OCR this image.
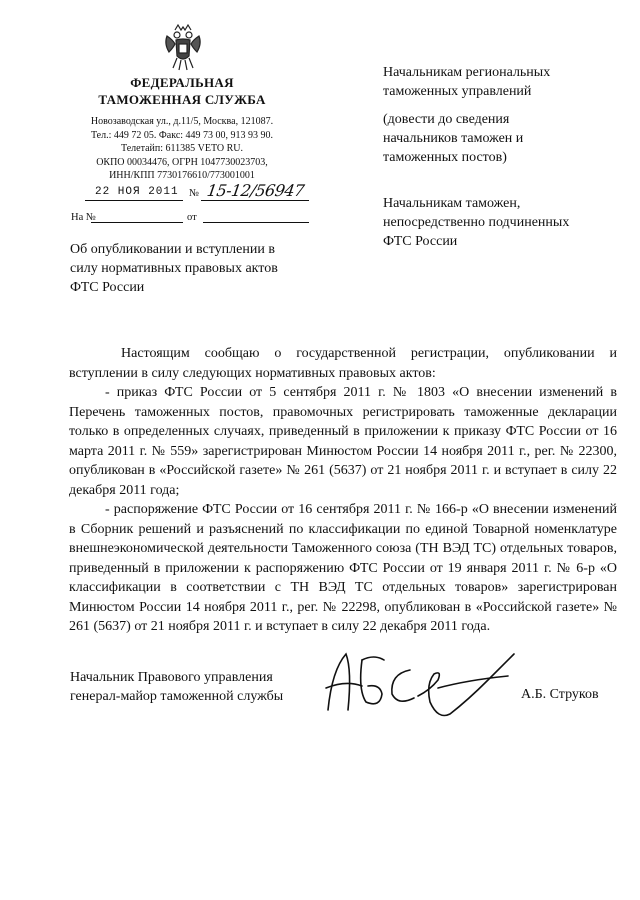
ФЕДЕРАЛЬНАЯ
ТАМОЖЕННАЯ СЛУЖБА
Новозаводская ул., д.11/5, Москва, 121087.
Тел.: 449 72 05. Факс: 449 73 00, 913 93 90.
Телетайп: 611385 VETO RU.
ОКПО 00034476, ОГРН 1047730023703,
ИНН/КПП 7730176610/773001001
22 НОЯ 2011 № 15-12/56947
На №	от
Начальникам региональных
таможенных управлений
(довести до сведения
начальников таможен и
таможенных постов)
Начальникам таможен,
непосредственно подчиненных
ФТС России
Об опубликовании и вступлении в
силу нормативных правовых актов
ФТС России

Настоящим сообщаю о государственной регистрации, опубликовании и вступлении в силу следующих нормативных правовых актов:

- приказ ФТС России от 5 сентября 2011 г. № 1803 «О внесении изменений в Перечень таможенных постов, правомочных регистрировать таможенные декларации только в определенных случаях, приведенный в приложении к приказу ФТС России от 16 марта 2011 г. № 559» зарегистрирован Минюстом России 14 ноября 2011 г., рег. № 22300, опубликован в «Российской газете» № 261 (5637) от 21 ноября 2011 г. и вступает в силу 22 декабря 2011 года;

- распоряжение ФТС России от 16 сентября 2011 г. № 166-р «О внесении изменений в Сборник решений и разъяснений по классификации по единой Товарной номенклатуре внешнеэкономической деятельности Таможенного союза (ТН ВЭД ТС) отдельных товаров, приведенный в приложении к распоряжению ФТС России от 19 января 2011 г. № 6-р «О классификации в соответствии с ТН ВЭД ТС отдельных товаров» зарегистрирован Минюстом России 14 ноября 2011 г., рег. № 22298, опубликован в «Российской газете» № 261 (5637) от 21 ноября 2011 г. и вступает в силу 22 декабря 2011 года.

Начальник Правового управления
генерал-майор таможенной службы	А.Б. Струков
